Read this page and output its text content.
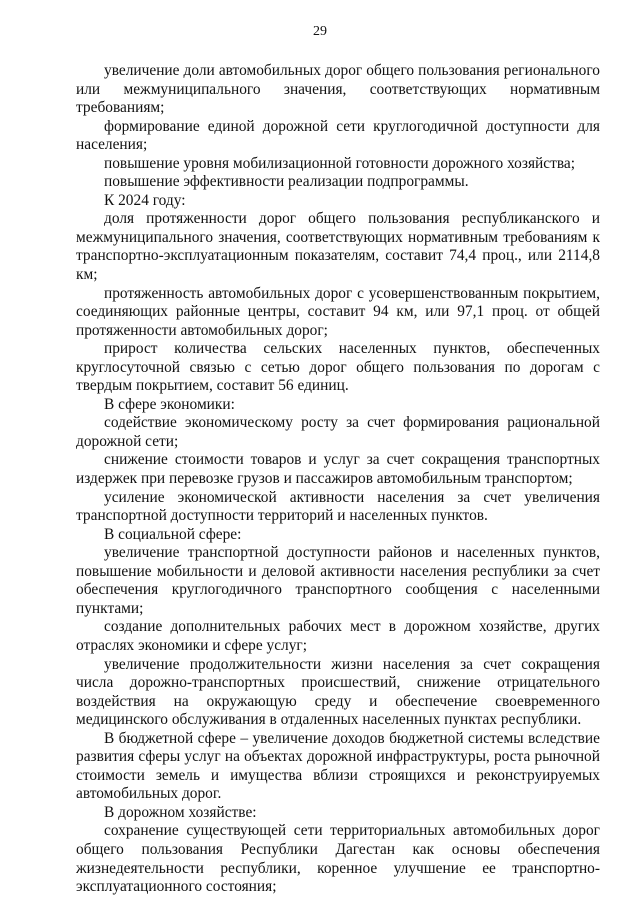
29

увеличение доли автомобильных дорог общего пользования регионального или межмуниципального значения, соответствующих нормативным требованиям;

формирование единой дорожной сети круглогодичной доступности для населения;

повышение уровня мобилизационной готовности дорожного хозяйства;

повышение эффективности реализации подпрограммы.

К 2024 году:

доля протяженности дорог общего пользования республиканского и межмуниципального значения, соответствующих нормативным требованиям к транспортно-эксплуатационным показателям, составит 74,4 проц., или 2114,8 км;

протяженность автомобильных дорог с усовершенствованным покрытием, соединяющих районные центры, составит 94 км, или 97,1 проц. от общей протяженности автомобильных дорог;

прирост количества сельских населенных пунктов, обеспеченных круглосуточной связью с сетью дорог общего пользования по дорогам с твердым покрытием, составит 56 единиц.

В сфере экономики:

содействие экономическому росту за счет формирования рациональной дорожной сети;

снижение стоимости товаров и услуг за счет сокращения транспортных издержек при перевозке грузов и пассажиров автомобильным транспортом;

усиление экономической активности населения за счет увеличения транспортной доступности территорий и населенных пунктов.

В социальной сфере:

увеличение транспортной доступности районов и населенных пунктов, повышение мобильности и деловой активности населения республики за счет обеспечения круглогодичного транспортного сообщения с населенными пунктами;

создание дополнительных рабочих мест в дорожном хозяйстве, других отраслях экономики и сфере услуг;

увеличение продолжительности жизни населения за счет сокращения числа дорожно-транспортных происшествий, снижение отрицательного воздействия на окружающую среду и обеспечение своевременного медицинского обслуживания в отдаленных населенных пунктах республики.

В бюджетной сфере – увеличение доходов бюджетной системы вследствие развития сферы услуг на объектах дорожной инфраструктуры, роста рыночной стоимости земель и имущества вблизи строящихся и реконструируемых автомобильных дорог.

В дорожном хозяйстве:

сохранение существующей сети территориальных автомобильных дорог общего пользования Республики Дагестан как основы обеспечения жизнедеятельности республики, коренное улучшение ее транспортно-эксплуатационного состояния;
